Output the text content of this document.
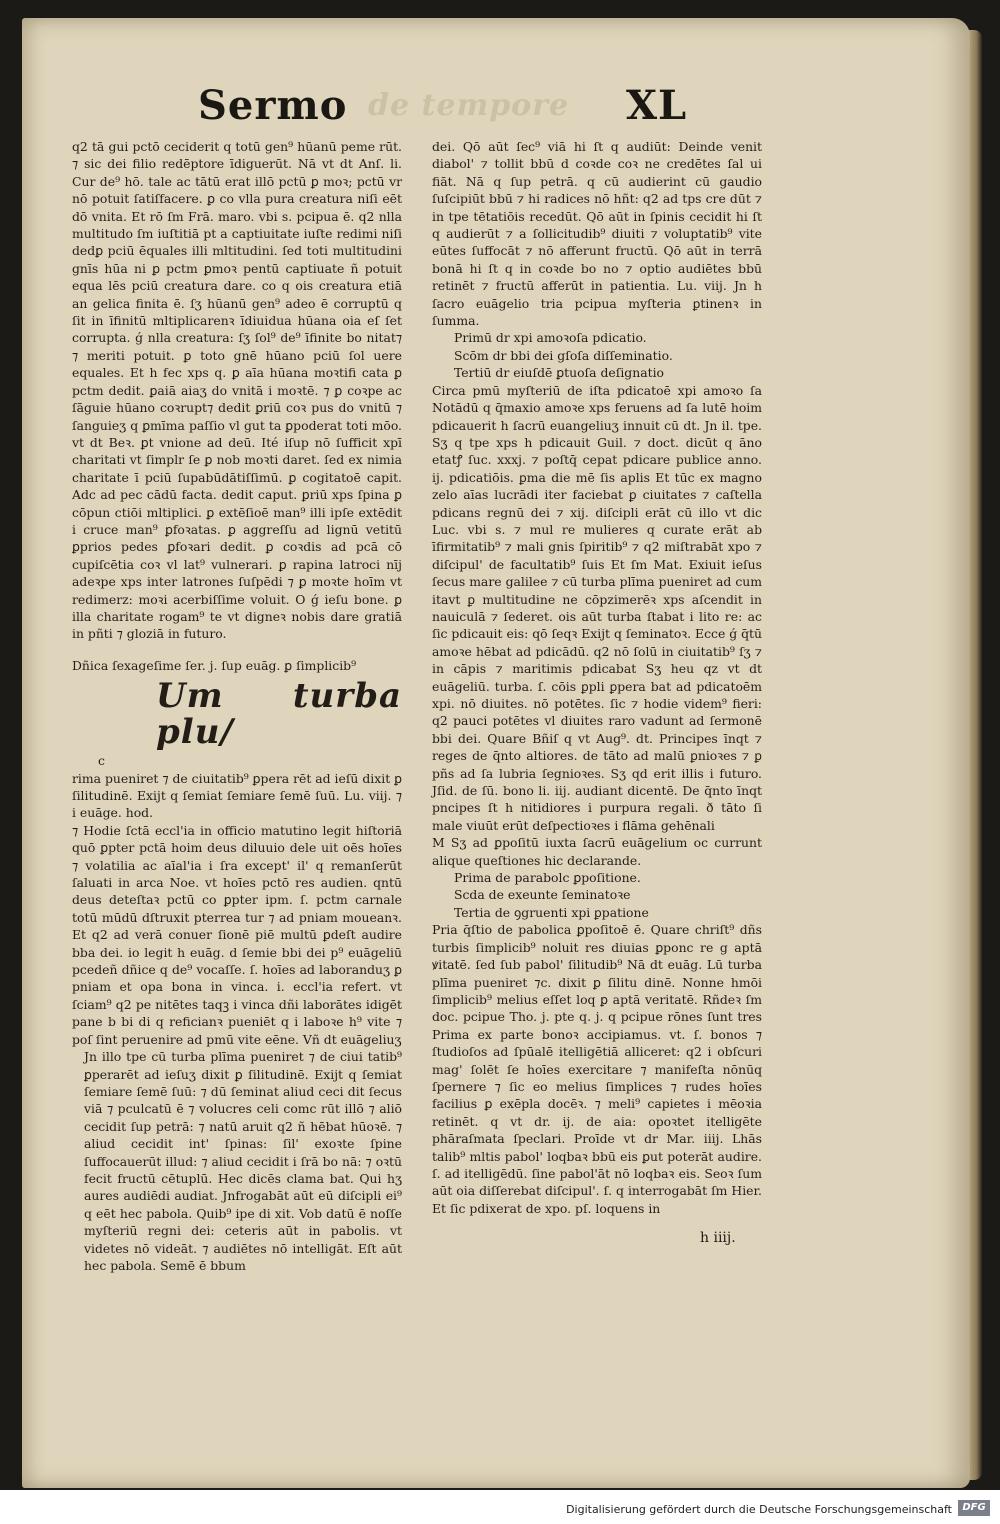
Sermo de tempore XL

q2 tā gui pctō ceciderit q totū gen⁹ hūanū peme rūt. ⁊ sic dei filio redēptore īdiguerūt. Nā vt dt Anſ. li. Cur de⁹ hō. tale ac tātū erat illō pctū ꝑ moꝛ; pctū vr nō potuit ſatiſfacere. ꝑ co vlla pura creatura niſi eēt dō vnita. Et rō ſm Frā. maro. vbi s. pcipua ē. q2 nlla multitudo ſm iuſtitiā pt a captiuitate iuſte redimi niſi dedꝑ pciū ēquales illi mltitudini. ſed toti multitudini gnīs hūa ni ꝑ pctm ꝑmoꝛ pentū captiuate ñ potuit equa lēs pciū creatura dare. co q ois creatura etiā an gelica finita ē. ſʒ hūanū gen⁹ adeo ē corruptū q ſit in īfinitū mltiplicarenꝛ īdiuidua hūana oia eſ ſet corrupta. ǵ nlla creatura: ſʒ ſol⁹ de⁹ īfinite bo nitat⁊ ⁊ meriti potuit. ꝑ toto gnē hūano pciū ſol uere equales. Et h fec xps q. ꝑ aīa hūana moꝛtifi cata ꝑ pctm dedit. ꝑaiā aiaʒ do vnitā i moꝛtē. ⁊ ꝑ coꝛpe ac ſāguie hūano coꝛrupt⁊ dedit ꝑriū coꝛ pus do vnitū ⁊ ſanguieʒ q ꝑmīma paſſio vl gut ta ꝑpoderat toti mōo. vt dt Beꝛ. ꝑt vnione ad deū. Ité iſup nō ſufficit xpī charitati vt ſimplr ſe ꝑ nob moꝛti daret. ſed ex nimia charitate ī pciū ſupabūdātiſſimū. ꝑ cogitatoē capit. Adc ad pec cādū facta. dedit caput. ꝑriū xps ſpina ꝑ cōpun ctiōi mltiplici. ꝑ extēſioē man⁹ illi ipſe extēdit i cruce man⁹ ꝑfoꝛatas. ꝑ aggreſſu ad lignū vetitū ꝑprios pedes ꝑfoꝛari dedit. ꝑ coꝛdis ad pcā cō cupiſcētia coꝛ vl lat⁹ vulnerari. ꝑ rapina latroci nīj adeꝛpe xps inter latrones ſuſpēdi ⁊ ꝑ moꝛte hoīm vt redimerz: moꝛi acerbiſſime voluit. O ǵ ieſu bone. ꝑ illa charitate rogam⁹ te vt digneꝛ nobis dare gratiā in pñti ⁊ gloziā in futuro.

Dñica ſexageſime ſer. j. ſup euāg. ꝑ ſimplicib⁹

Um turba plu/

c

rima pueniret ⁊ de ciuitatib⁹ ꝑpera rēt ad ieſū dixit ꝑ ſilitudinē. Exijt q ſemiat ſemiare ſemē ſuū. Lu. viij. ⁊ i euāge. hod.

⁊ Hodie ſctā eccl'ia in officio matutino legit hiſtoriā quō ꝑpter pctā hoim deus diluuio dele uit oēs hoīes ⁊ volatilia ac aīal'ia i ſra except' il' q remanſerūt ſaluati in arca Noe. vt hoīes pctō res audien. qntū deus deteſtaꝛ pctū co ꝑpter ipm. ſ. pctm carnale totū mūdū dſtruxit pterrea tur ⁊ ad pniam moueanꝛ. Et q2 ad verā conuer ſionē piē multū ꝑdeſt audire bba dei. io legit h euāg. d ſemie bbi dei p⁹ euāgeliū pcedeñ dñice q de⁹ vocaſſe. ſ. hoīes ad laboranduʒ ꝑ pniam et opa bona in vinca. i. eccl'ia refert. vt ſciam⁹ q2 pe nitētes taqꝫ i vinca dñi laborātes idigēt pane b bi di q reficianꝛ pueniēt q i laboꝛe h⁹ vite ⁊ poſ ſint peruenire ad pmū vite eēne. Vñ dt euāgeliuʒ

Jn illo tpe cū turba plīma pueniret ⁊ de ciui tatib⁹ ꝑperarēt ad ieſuʒ dixit ꝑ ſilitudinē. Exijt q ſemiat ſemiare ſemē ſuū: ⁊ dū ſeminat aliud ceci dit ſecus viā ⁊ pculcatū ē ⁊ volucres celi comc rūt illō ⁊ aliō cecidit ſup petrā: ⁊ natū aruit q2 ñ hēbat hūoꝛē. ⁊ aliud cecidit int' ſpinas: ſil' exoꝛte ſpine ſuffocauerūt illud: ⁊ aliud cecidit i ſrā bo nā: ⁊ oꝛtū fecit fructū cētuplū. Hec dicēs clama bat. Qui hʒ aures audiēdi audiat. Jnfrogabāt aūt eū diſcipli ei⁹ q eēt hec pabola. Quib⁹ ipe di xit. Vob datū ē noſſe myſteriū regni dei: ceteris aūt in pabolis. vt videtes nō videāt. ⁊ audiētes nō intelligāt. Eſt aūt hec pabola. Semē ē bbum

dei. Qō aūt ſec⁹ viā hi ſt q audiūt: Deinde venit diabol' ⁊ tollit bbū d coꝛde coꝛ ne credētes ſal ui fiāt. Nā q ſup petrā. q cū audierint cū gaudio ſuſcipiūt bbū ⁊ hi radices nō hñt: q2 ad tps cre dūt ⁊ in tpe tētatiōis recedūt. Qō aūt in ſpinis cecidit hi ſt q audierūt ⁊ a ſollicitudib⁹ diuiti ⁊ voluptatib⁹ vite eūtes ſuffocāt ⁊ nō afferunt fructū. Qō aūt in terrā bonā hi ſt q in coꝛde bo no ⁊ optio audiētes bbū retinēt ⁊ fructū afferūt in patientia. Lu. viij. Jn h ſacro euāgelio tria pcipua myſteria ꝑtinenꝛ in ſumma.

Primū dr xpi amoꝛoſa pdicatio.

Scōm dr bbi dei gſoſa diſſeminatio.

Tertiū dr eiuſdē ꝑtuoſa deſignatio

Circa pmū myſteriū de iſta pdicatoē xpi amoꝛo ſa Notādū q q̄maxio amoꝛe xps feruens ad ſa lutē hoim pdicauerit h ſacrū euangeliuʒ innuit cū dt. Jn il. tpe. Sʒ q tpe xps h pdicauit Guil. ⁊ doct. dicūt q āno etatꝭ ſuc. xxxj. ⁊ poſtq̄ cepat pdicare publice anno. ij. pdicatiōis. ꝑma die mē ſis aplis Et tūc ex magno zelo aīas lucrādi iter faciebat ꝑ ciuitates ⁊ caſtella pdicans regnū dei ⁊ xij. diſcipli erāt cū illo vt dic Luc. vbi s. ⁊ mul re mulieres q curate erāt ab īfirmitatib⁹ ⁊ mali gnis ſpiritib⁹ ⁊ q2 miſtrabāt xpo ⁊ diſcipul' de facultatib⁹ ſuis Et ſm Mat. Exiuit ieſus ſecus mare galilee ⁊ cū turba plīma pueniret ad cum itavt ꝑ multitudine ne cōpzimerēꝛ xps aſcendit in nauiculā ⁊ ſederet. ois aūt turba ſtabat i lito re: ac ſic pdicauit eis: qō ſeqꝛ Exijt q ſeminatoꝛ. Ecce ǵ q̄tū amoꝛe hēbat ad pdicādū. q2 nō ſolū in ciuitatib⁹ ſʒ ⁊ in cāpis ⁊ maritimis pdicabat Sʒ heu qz vt dt euāgeliū. turba. ſ. cōis ꝑpli ꝑpera bat ad pdicatoēm xpi. nō diuites. nō potētes. ſic ⁊ hodie videm⁹ fieri: q2 pauci potētes vl diuites raro vadunt ad ſermonē bbi dei. Quare Bñiſ q vt Aug⁹. dt. Principes īnqt ⁊ reges de q̄nto altiores. de tāto ad malū ꝑnioꝛes ⁊ ꝑ pñs ad ſa lubria ſegnioꝛes. Sʒ qd erit illis i futuro. Jſid. de ſū. bono li. iij. audiant dicentē. De q̄nto īnqt pncipes ſt h nitidiores i purpura regali. ð tāto ſi male viuūt erūt deſpectioꝛes i flāma gehēnali

M Sʒ ad ꝑpoſitū iuxta ſacrū euāgelium oc currunt alique queſtiones hic declarande.

Prima de parabolc ꝑpoſitione.

Scda de exeunte ſeminatoꝛe

Tertia de ꝯgruenti xpi ꝑpatione

Pria q̄ſtio de pabolica ꝑpoſitoē ē. Quare chriſt⁹ dñs turbis ſimplicib⁹ noluit res diuias ꝑponc re g aptā ꝟitatē. ſed ſub pabol' ſilitudib⁹ Nā dt euāg. Lū turba plīma pueniret ⁊c. dixit ꝑ ſilitu dinē. Nonne hmōi ſimplicib⁹ melius eſſet loq ꝑ aptā veritatē. Rñdeꝛ ſm doc. pcipue Tho. j. pte q. j. q pcipue rōnes ſunt tres Prima ex parte bonoꝛ accipiamus. vt. ſ. bonos ⁊ ſtudioſos ad ſpūalē itelligētiā alliceret: q2 i obſcuri mag' ſolēt ſe hoīes exercitare ⁊ manifeſta nōnūq ſpernere ⁊ ſic eo melius ſimplices ⁊ rudes hoīes facilius ꝑ exēpla docēꝛ. ⁊ meli⁹ capietes i mēoꝛia retinēt. q vt dr. ij. de aia: opoꝛtet itelligēte phāraſmata ſpeclari. Proīde vt dr Mar. iiij. Lhās talib⁹ mltis pabol' loqbaꝛ bbū eis ꝑut poterāt audire. ſ. ad itelligēdū. ſine pabol'āt nō loqbaꝛ eis. Seoꝛ ſum aūt oia diſſerebat diſcipul'. ſ. q interrogabāt ſm Hier. Et ſic pdixerat de xpo. pſ. loquens in

h iiij.
Digitalisierung gefördert durch die Deutsche Forschungsgemeinschaft	DFG
